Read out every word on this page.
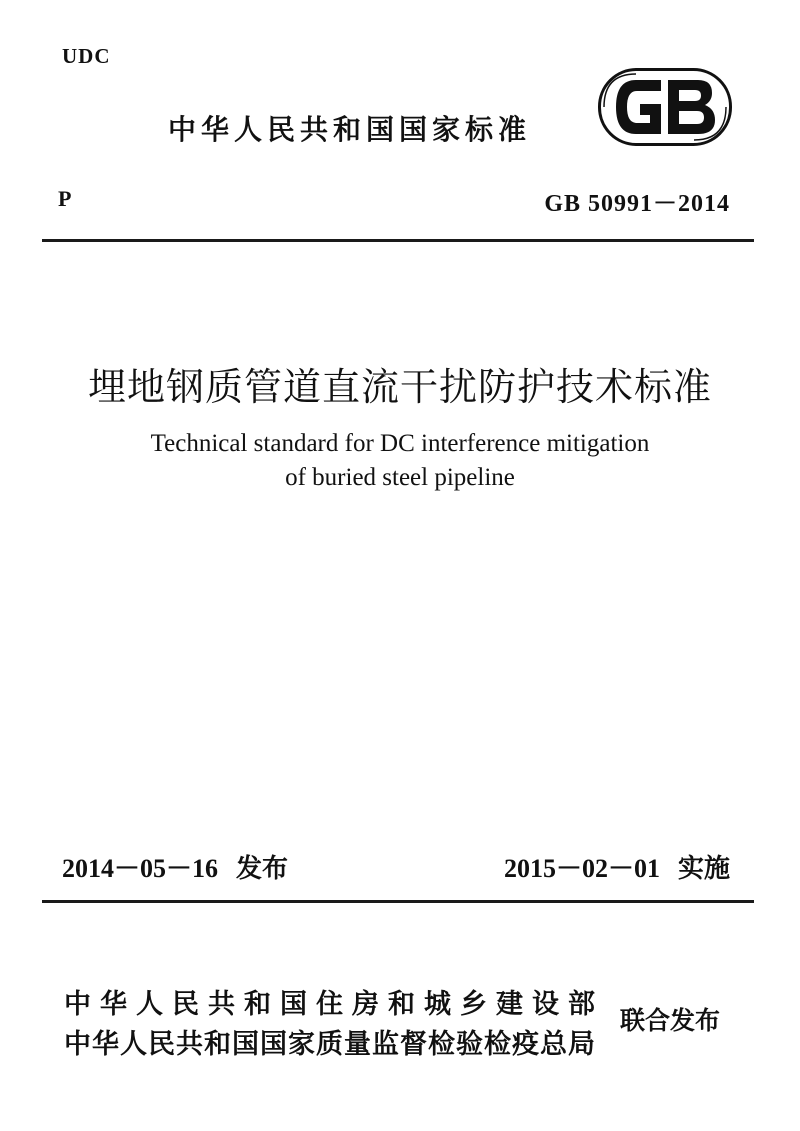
UDC
中华人民共和国国家标准
P	GB 50991－2014
埋地钢质管道直流干扰防护技术标准
Technical standard for DC interference mitigation
of buried steel pipeline
2014－05－16 发布	2015－02－01 实施
中华人民共和国住房和城乡建设部
中华人民共和国国家质量监督检验检疫总局
联合发布
